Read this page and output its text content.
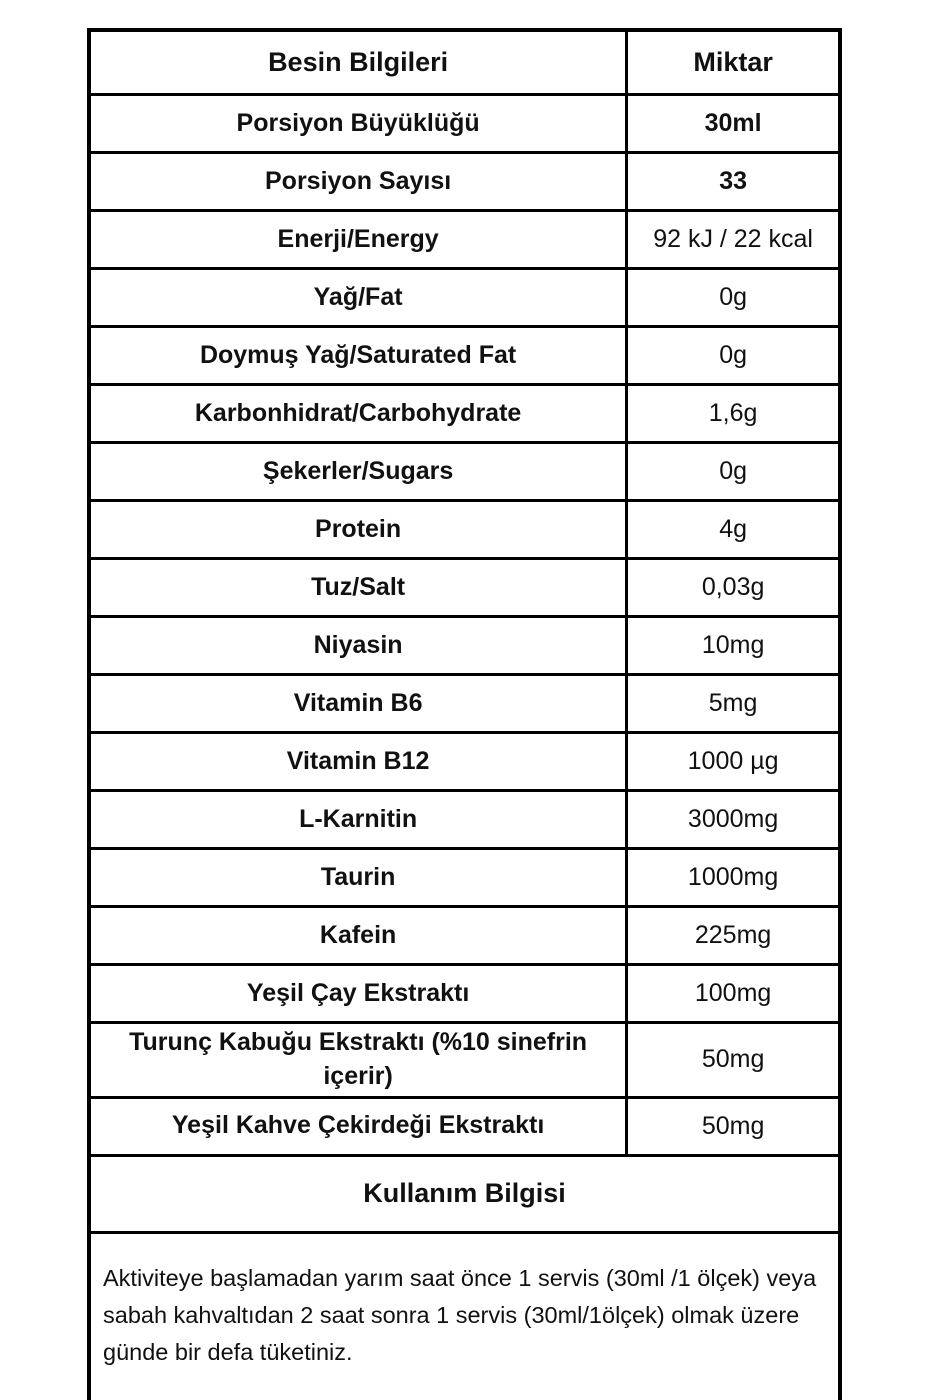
Besin Bilgileri	Miktar
Porsiyon Büyüklüğü	30ml
Porsiyon Sayısı	33
Enerji/Energy	92 kJ / 22 kcal
Yağ/Fat	0g
Doymuş Yağ/Saturated Fat	0g
Karbonhidrat/Carbohydrate	1,6g
Şekerler/Sugars	0g
Protein	4g
Tuz/Salt	0,03g
Niyasin	10mg
Vitamin B6	5mg
Vitamin B12	1000 µg
L-Karnitin	3000mg
Taurin	1000mg
Kafein	225mg
Yeşil Çay Ekstraktı	100mg
Turunç Kabuğu Ekstraktı (%10 sinefrin içerir)	50mg
Yeşil Kahve Çekirdeği Ekstraktı	50mg
Kullanım Bilgisi	
Aktiviteye başlamadan yarım saat önce 1 servis (30ml /1 ölçek) veya sabah kahvaltıdan 2 saat sonra 1 servis (30ml/1ölçek) olmak üzere günde bir defa tüketiniz.	
